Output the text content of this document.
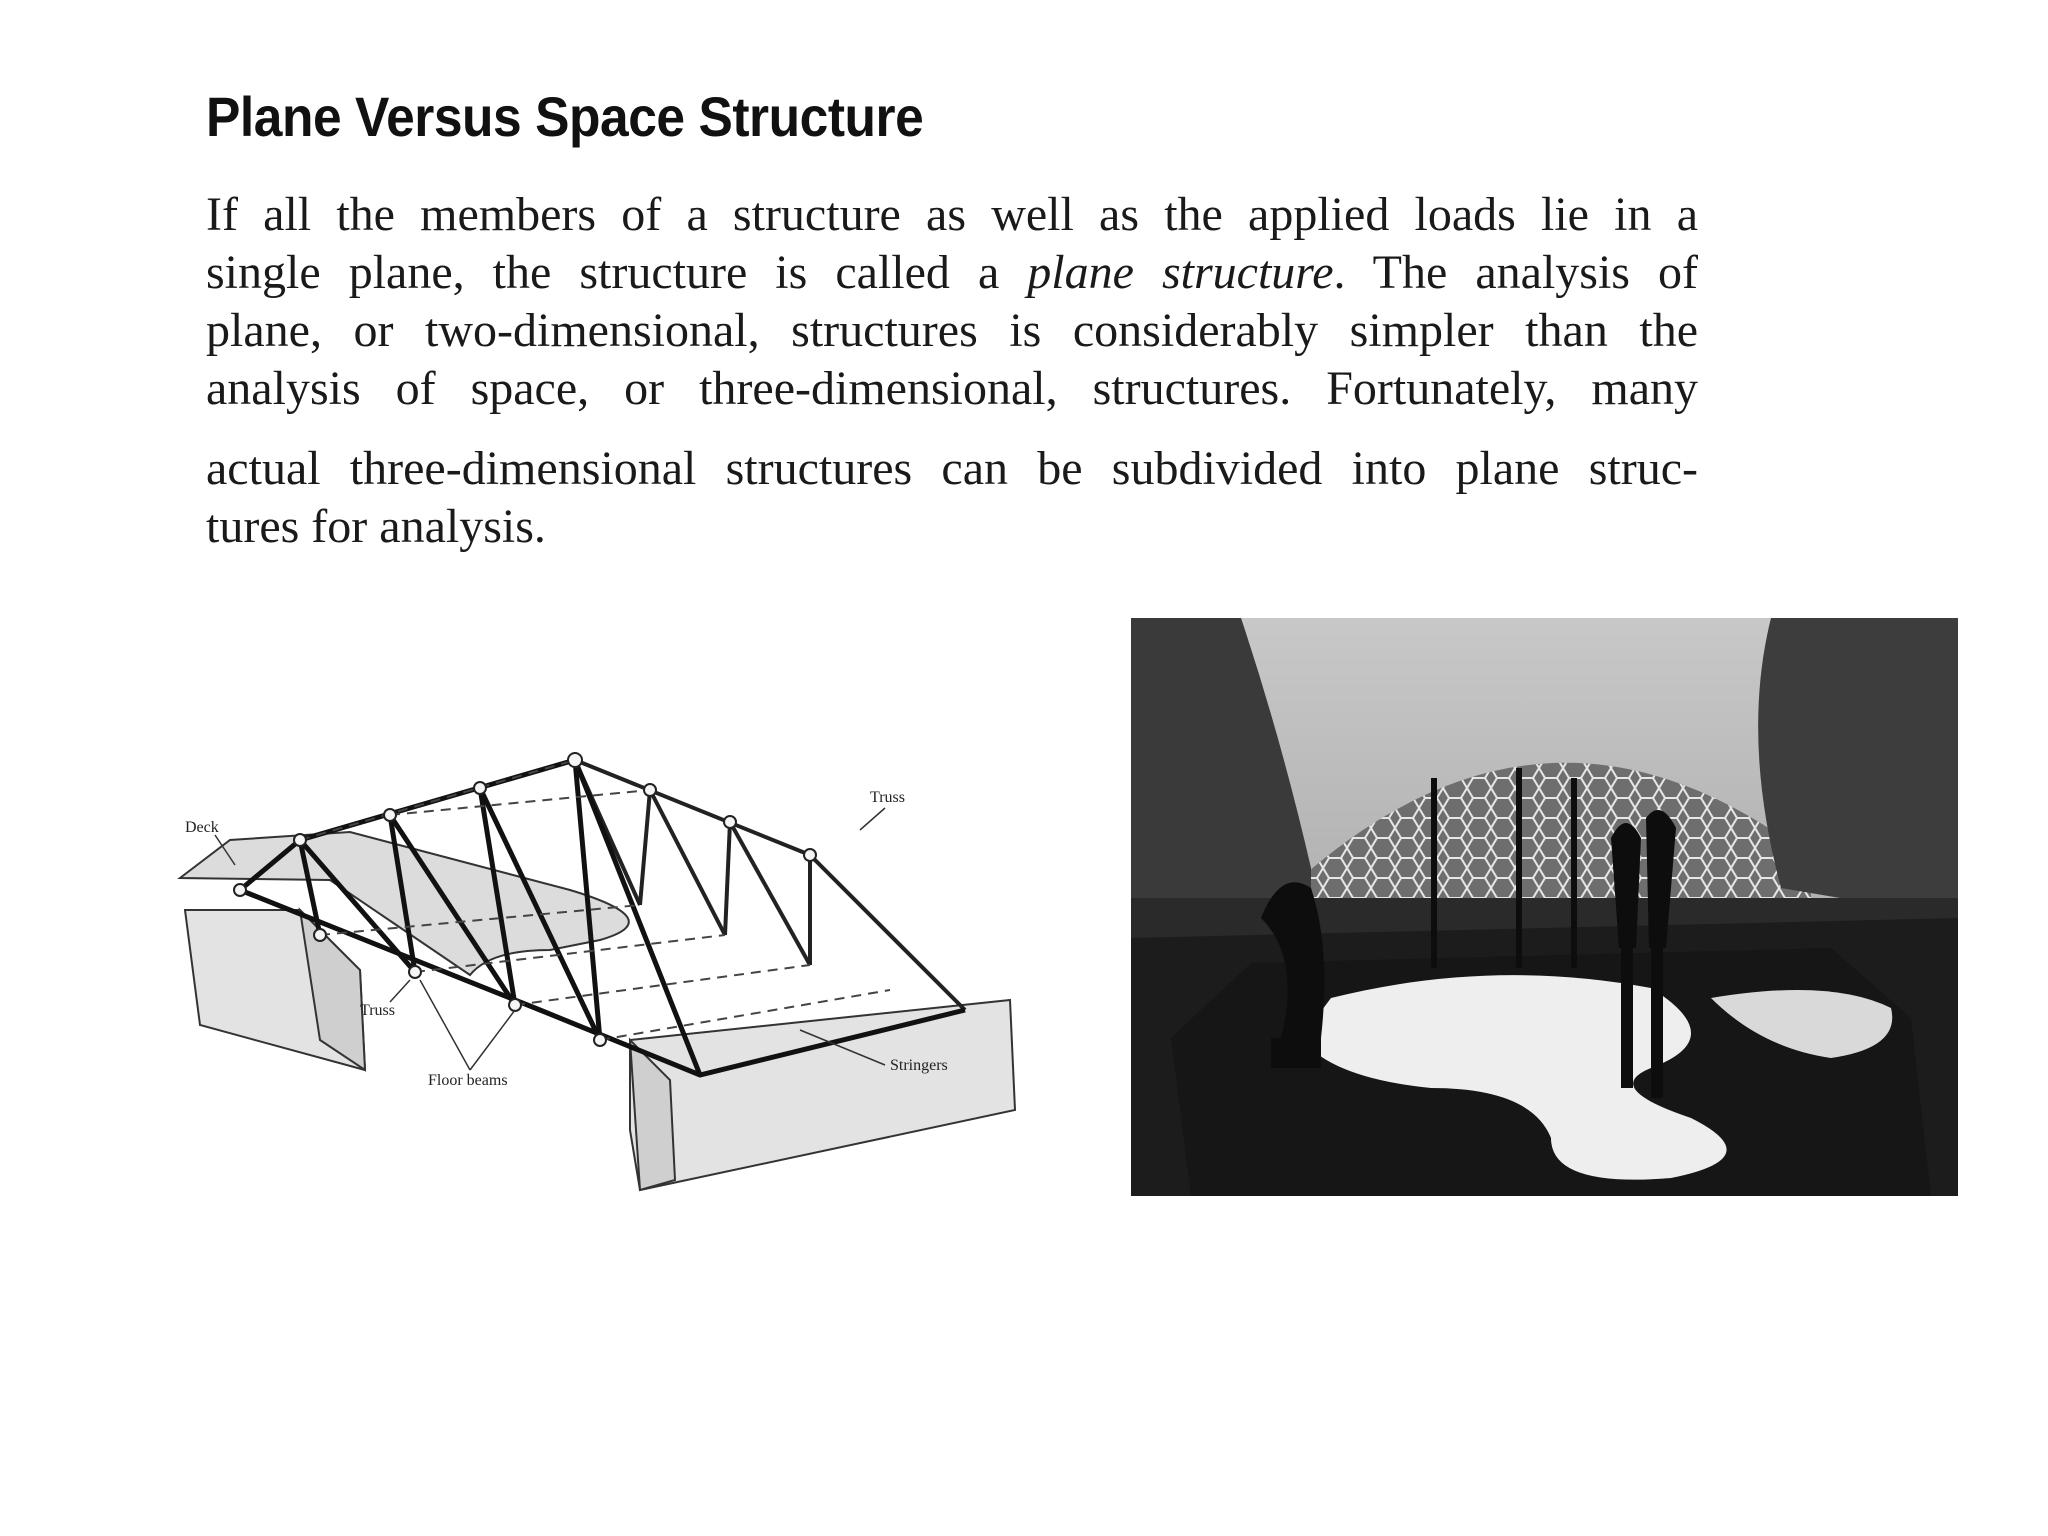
Plane Versus Space Structure
If all the members of a structure as well as the applied loads lie in a
single plane, the structure is called a plane structure. The analysis of
plane, or two-dimensional, structures is considerably simpler than the
analysis of space, or three-dimensional, structures. Fortunately, many
actual three-dimensional structures can be subdivided into plane struc-
tures for analysis.
Deck
Truss
Truss
Floor beams
Stringers
